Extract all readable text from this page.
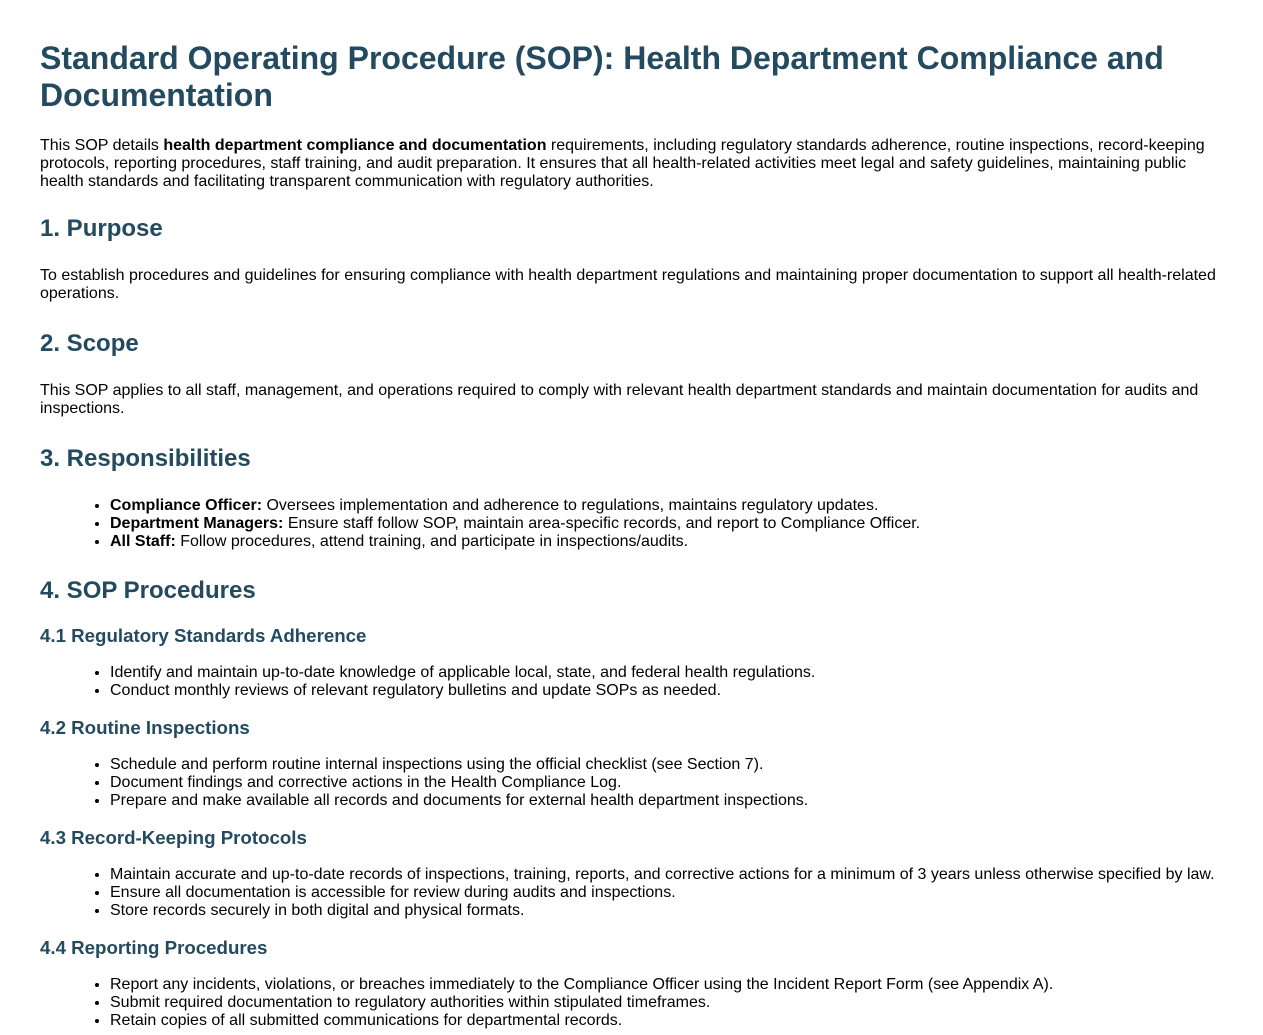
Standard Operating Procedure (SOP): Health Department Compliance and Documentation

This SOP details health department compliance and documentation requirements, including regulatory standards adherence, routine inspections, record-keeping protocols, reporting procedures, staff training, and audit preparation. It ensures that all health-related activities meet legal and safety guidelines, maintaining public health standards and facilitating transparent communication with regulatory authorities.

1. Purpose

To establish procedures and guidelines for ensuring compliance with health department regulations and maintaining proper documentation to support all health-related operations.

2. Scope

This SOP applies to all staff, management, and operations required to comply with relevant health department standards and maintain documentation for audits and inspections.

3. Responsibilities
• Compliance Officer: Oversees implementation and adherence to regulations, maintains regulatory updates.
• Department Managers: Ensure staff follow SOP, maintain area-specific records, and report to Compliance Officer.
• All Staff: Follow procedures, attend training, and participate in inspections/audits.
4. SOP Procedures
4.1 Regulatory Standards Adherence
• Identify and maintain up-to-date knowledge of applicable local, state, and federal health regulations.
• Conduct monthly reviews of relevant regulatory bulletins and update SOPs as needed.
4.2 Routine Inspections
• Schedule and perform routine internal inspections using the official checklist (see Section 7).
• Document findings and corrective actions in the Health Compliance Log.
• Prepare and make available all records and documents for external health department inspections.
4.3 Record-Keeping Protocols
• Maintain accurate and up-to-date records of inspections, training, reports, and corrective actions for a minimum of 3 years unless otherwise specified by law.
• Ensure all documentation is accessible for review during audits and inspections.
• Store records securely in both digital and physical formats.
4.4 Reporting Procedures
• Report any incidents, violations, or breaches immediately to the Compliance Officer using the Incident Report Form (see Appendix A).
• Submit required documentation to regulatory authorities within stipulated timeframes.
• Retain copies of all submitted communications for departmental records.
